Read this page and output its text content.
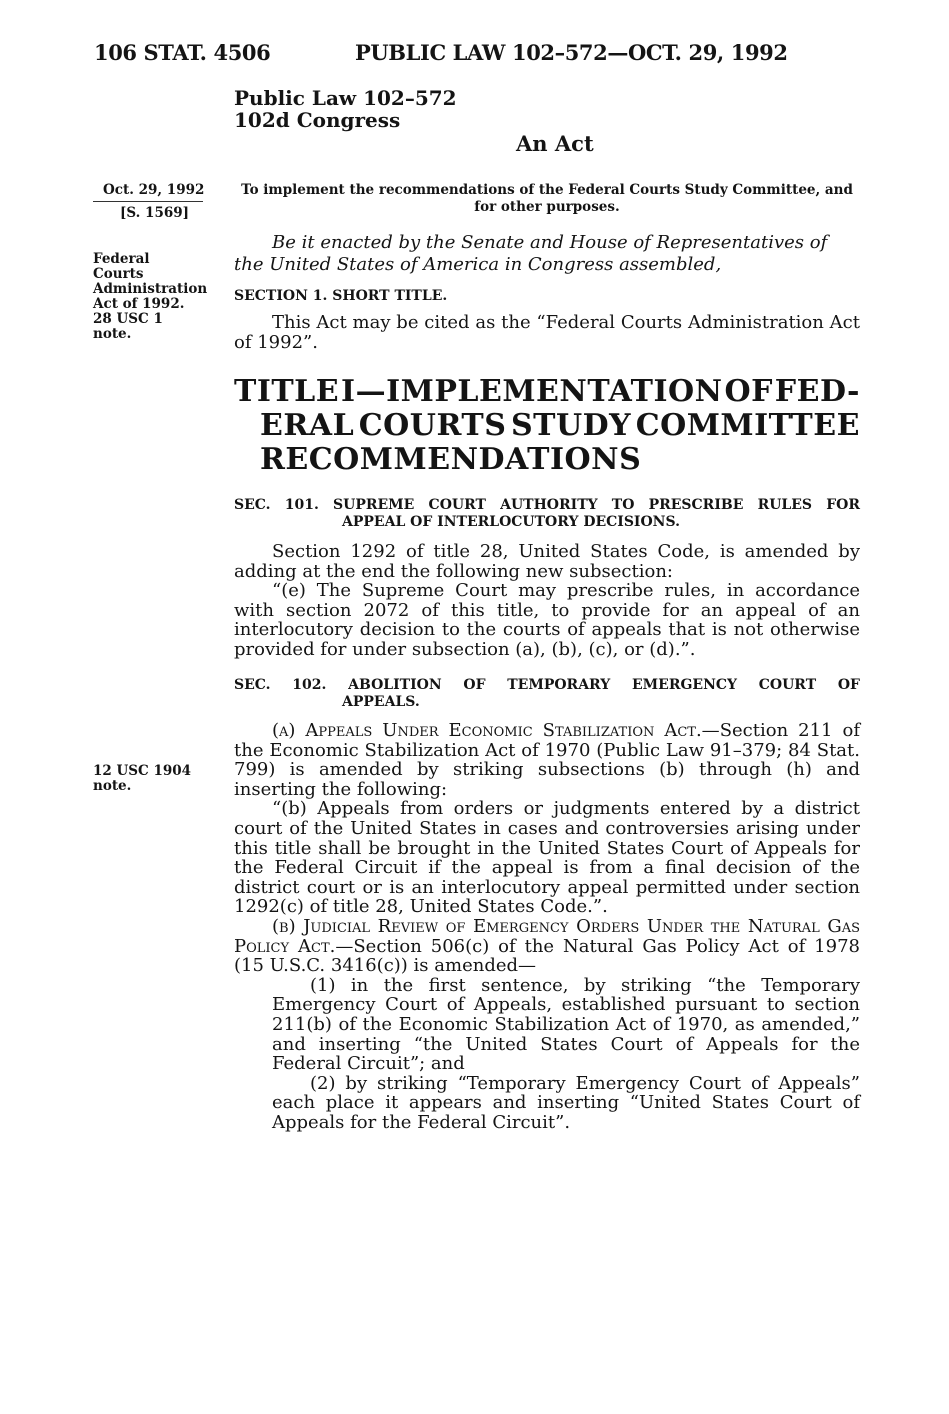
106 STAT. 4506	PUBLIC LAW 102–572—OCT. 29, 1992
Public Law 102–572
102d Congress
An Act
Oct. 29, 1992
[S. 1569]
Federal
Courts
Administration
Act of 1992.
28 USC 1
note.
12 USC 1904
note.
To implement the recommendations of the Federal Courts Study Committee, and
for other purposes.
Be it enacted by the Senate and House of Representatives of
the United States of America in Congress assembled,
SECTION 1. SHORT TITLE.

This Act may be cited as the “Federal Courts Administration Act of 1992”.

TITLE I—IMPLEMENTATION OF FED-
ERAL COURTS STUDY COMMITTEE
RECOMMENDATIONS
SEC. 101. SUPREME COURT AUTHORITY TO PRESCRIBE RULES FOR
APPEAL OF INTERLOCUTORY DECISIONS.

Section 1292 of title 28, United States Code, is amended by adding at the end the following new subsection:

“(e) The Supreme Court may prescribe rules, in accordance with section 2072 of this title, to provide for an appeal of an interlocutory decision to the courts of appeals that is not otherwise provided for under subsection (a), (b), (c), or (d).”.

SEC. 102. ABOLITION OF TEMPORARY EMERGENCY COURT OF
APPEALS.

(a) Appeals Under Economic Stabilization Act.—Section 211 of the Economic Stabilization Act of 1970 (Public Law 91–379; 84 Stat. 799) is amended by striking subsections (b) through (h) and inserting the following:

“(b) Appeals from orders or judgments entered by a district court of the United States in cases and controversies arising under this title shall be brought in the United States Court of Appeals for the Federal Circuit if the appeal is from a final decision of the district court or is an interlocutory appeal permitted under section 1292(c) of title 28, United States Code.”.

(b) Judicial Review of Emergency Orders Under the Natural Gas Policy Act.—Section 506(c) of the Natural Gas Policy Act of 1978 (15 U.S.C. 3416(c)) is amended—

(1) in the first sentence, by striking “the Temporary Emergency Court of Appeals, established pursuant to section 211(b) of the Economic Stabilization Act of 1970, as amended,” and inserting “the United States Court of Appeals for the Federal Circuit”; and

(2) by striking “Temporary Emergency Court of Appeals” each place it appears and inserting “United States Court of Appeals for the Federal Circuit”.
